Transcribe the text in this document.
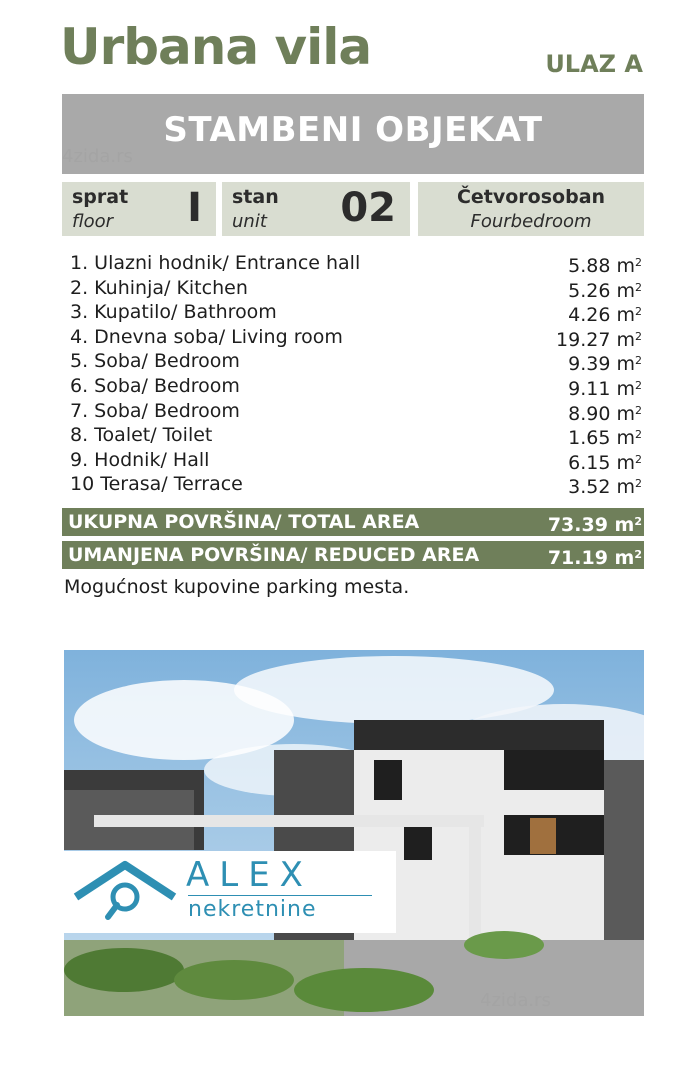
Urbana vila	ULAZ A
STAMBENI OBJEKAT
4zida.rs
sprat
floor I stan
unit 02	Četvorosoban
Fourbedroom
1. Ulazni hodnik/ Entrance hall	5.88 $m^2$
2. Kuhinja/ Kitchen	5.26 $m^2$
3. Kupatilo/ Bathroom	4.26 $m^2$
4. Dnevna soba/ Living room	19.27 $m^2$
5. Soba/ Bedroom	9.39 $m^2$
6. Soba/ Bedroom	9.11 $m^2$
7. Soba/ Bedroom	8.90 $m^2$
8. Toalet/ Toilet	1.65 $m^2$
9. Hodnik/ Hall	6.15 $m^2$
10 Terasa/ Terrace	3.52 $m^2$
UKUPNA POVRŠINA/ TOTAL AREA	73.39 $m^2$
UMANJENA POVRŠINA/ REDUCED AREA	71.19 $m^2$
Mogućnost kupovine parking mesta.
4zida.rs
ALEX
nekretnine
